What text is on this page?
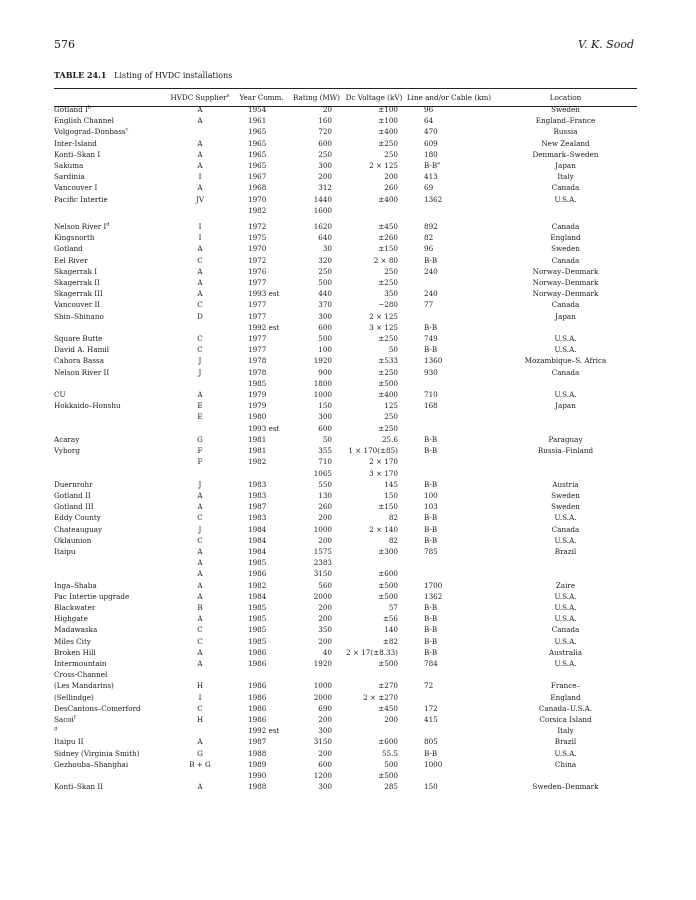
576	V. K. Sood
TABLE 24.1 Listing of HVDC installations
	HVDC Supplier$^a$	Year Comm.	Rating (MW)	Dc Voltage (kV)	Line and/or Cable (km)	Location
Gotland $I^b$	A	1954	20	±100	96	Sweden
English Channel	A	1961	160	±100	64	England–France
Volgograd–Donbass$^c$		1965	720	±400	470	Russia
Inter-Island	A	1965	600	±250	609	New Zealand
Konti–Skan I	A	1965	250	250	180	Denmark–Sweden
Sakuma	A	1965	300	2 × 125	$B-B^e$	Japan
Sardinia	I	1967	200	200	413	Italy
Vancouver I	A	1968	312	260	69	Canada
Pacific Intertie	JV	1970	1440	±400	1362	U.S.A.
		1982	1600			

Nelson River $I^d$	I	1972	1620	±450	892	Canada
Kingsnorth	I	1975	640	±260	82	England
Gotland	A	1970	30	±150	96	Sweden
Eel River	C	1972	320	2 × 80	B-B	Canada
Skagerrak I	A	1976	250	250	240	Norway–Denmark
Skagerrak II	A	1977	500	±250		Norway–Denmark
Skagerrak III	A	1993 est	440	350	240	Norway–Denmark
Vancouver II	C	1977	370	−280	77	Canada
Shin–Shinano	D	1977	300	2 × 125		Japan
		1992 est	600	3 × 125	B-B	
Square Butte	C	1977	500	±250	749	U.S.A.
David A. Hamil	C	1977	100	50	B-B	U.S.A.
Cahora Bassa	J	1978	1920	±533	1360	Mozambique–S. Africa
Nelson River II	J	1978	900	±250	930	Canada
		1985	1800	±500		
CU	A	1979	1000	±400	710	U.S.A.
Hokkaido–Honshu	E	1979	150	125	168	Japan
	E	1980	300	250		
		1993 est	600	±250		
Acaray	G	1981	50	25.6	B-B	Paraguay
Vyborg	F	1981	355	1 × 170(±85)	B-B	Russia–Finland
	F	1982	710	2 × 170		
			1065	3 × 170		
Duernrohr	J	1983	550	145	B-B	Austria
Gotland II	A	1983	130	150	100	Sweden
Gotland III	A	1987	260	±150	103	Sweden
Eddy County	C	1983	200	82	B-B	U.S.A.
Chateauguay	J	1984	1000	2 × 140	B-B	Canada
Oklaunion	C	1984	200	82	B-B	U.S.A.
Itaipu	A	1984	1575	±300	785	Brazil
	A	1985	2383			
	A	1986	3150	±600		
Inga–Shaba	A	1982	560	±500	1700	Zaire
Pac Intertie upgrade	A	1984	2000	±500	1362	U.S.A.
Blackwater	B	1985	200	57	B-B	U.S.A.
Highgate	A	1985	200	±56	B-B	U.S.A.
Madawaska	C	1985	350	140	B-B	Canada
Miles City	C	1985	200	±82	B-B	U.S.A.
Broken Hill	A	1986	40	2 × 17(±8.33)	B-B	Australia
Intermountain	A	1986	1920	±500	784	U.S.A.
Cross-Channel						
(Les Mandarins)	H	1986	1000	±270	72	France–
(Sellindge)	I	1986	2000	2 × ±270		England
DesCantons–Comerford	C	1986	690	±450	172	Canada–U.S.A.
Sacoi$^f$	H	1986	200	200	415	Corsica Island
$^g$		1992 est	300			Italy
Itaipu II	A	1987	3150	±600	805	Brazil
Sidney (Virginia Smith)	G	1988	200	55.5	B-B	U.S.A.
Gezhouba–Shanghai	B + G	1989	600	500	1000	China
		1990	1200	±500		
Konti–Skan II	A	1988	300	285	150	Sweden–Denmark
